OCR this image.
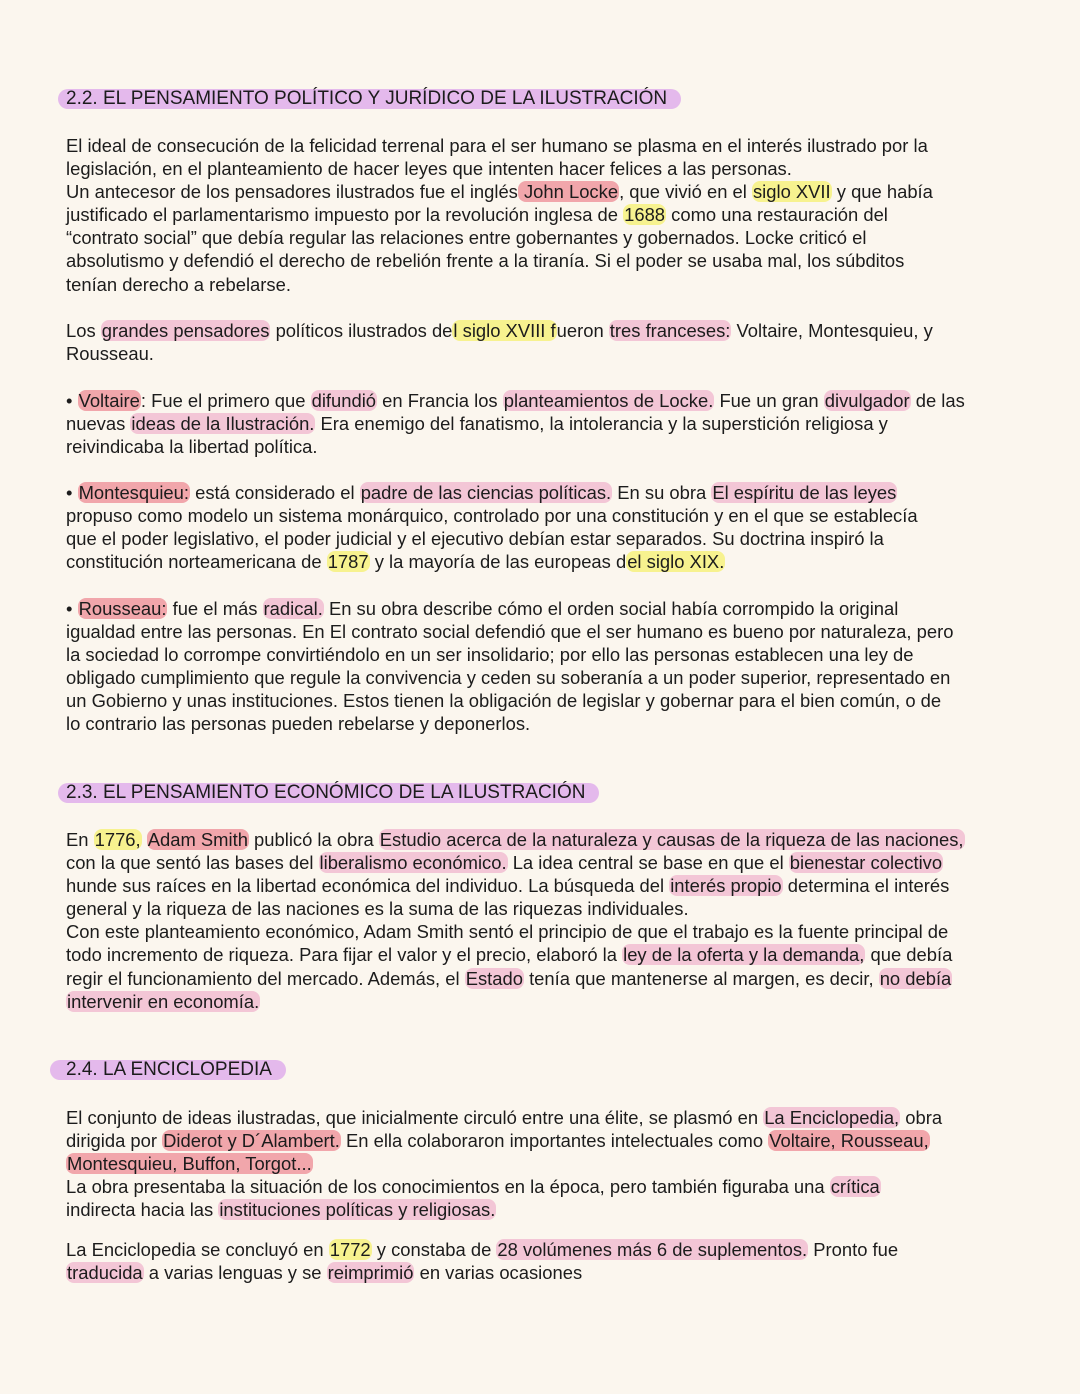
2.2. EL PENSAMIENTO POLÍTICO Y JURÍDICO DE LA ILUSTRACIÓN
El ideal de consecución de la felicidad terrenal para el ser humano se plasma en el interés ilustrado por la
legislación, en el planteamiento de hacer leyes que intenten hacer felices a las personas.
Un antecesor de los pensadores ilustrados fue el inglés John Locke, que vivió en el siglo XVII y que había
justificado el parlamentarismo impuesto por la revolución inglesa de 1688 como una restauración del
“contrato social” que debía regular las relaciones entre gobernantes y gobernados. Locke criticó el
absolutismo y defendió el derecho de rebelión frente a la tiranía. Si el poder se usaba mal, los súbditos
tenían derecho a rebelarse.
Los grandes pensadores políticos ilustrados del siglo XVIII fueron tres franceses: Voltaire, Montesquieu, y
Rousseau.
• Voltaire: Fue el primero que difundió en Francia los planteamientos de Locke. Fue un gran divulgador de las
nuevas ideas de la Ilustración. Era enemigo del fanatismo, la intolerancia y la superstición religiosa y
reivindicaba la libertad política.
• Montesquieu: está considerado el padre de las ciencias políticas. En su obra El espíritu de las leyes
propuso como modelo un sistema monárquico, controlado por una constitución y en el que se establecía
que el poder legislativo, el poder judicial y el ejecutivo debían estar separados. Su doctrina inspiró la
constitución norteamericana de 1787 y la mayoría de las europeas del siglo XIX.
• Rousseau: fue el más radical. En su obra describe cómo el orden social había corrompido la original
igualdad entre las personas. En El contrato social defendió que el ser humano es bueno por naturaleza, pero
la sociedad lo corrompe convirtiéndolo en un ser insolidario; por ello las personas establecen una ley de
obligado cumplimiento que regule la convivencia y ceden su soberanía a un poder superior, representado en
un Gobierno y unas instituciones. Estos tienen la obligación de legislar y gobernar para el bien común, o de
lo contrario las personas pueden rebelarse y deponerlos.
2.3. EL PENSAMIENTO ECONÓMICO DE LA ILUSTRACIÓN
En 1776, Adam Smith publicó la obra Estudio acerca de la naturaleza y causas de la riqueza de las naciones,
con la que sentó las bases del liberalismo económico. La idea central se base en que el bienestar colectivo
hunde sus raíces en la libertad económica del individuo. La búsqueda del interés propio determina el interés
general y la riqueza de las naciones es la suma de las riquezas individuales.
Con este planteamiento económico, Adam Smith sentó el principio de que el trabajo es la fuente principal de
todo incremento de riqueza. Para fijar el valor y el precio, elaboró la ley de la oferta y la demanda, que debía
regir el funcionamiento del mercado. Además, el Estado tenía que mantenerse al margen, es decir, no debía
intervenir en economía.
2.4. LA ENCICLOPEDIA
El conjunto de ideas ilustradas, que inicialmente circuló entre una élite, se plasmó en La Enciclopedia, obra
dirigida por Diderot y D´Alambert. En ella colaboraron importantes intelectuales como Voltaire, Rousseau,
Montesquieu, Buffon, Torgot...
La obra presentaba la situación de los conocimientos en la época, pero también figuraba una crítica
indirecta hacia las instituciones políticas y religiosas.
La Enciclopedia se concluyó en 1772 y constaba de 28 volúmenes más 6 de suplementos. Pronto fue
traducida a varias lenguas y se reimprimió en varias ocasiones
